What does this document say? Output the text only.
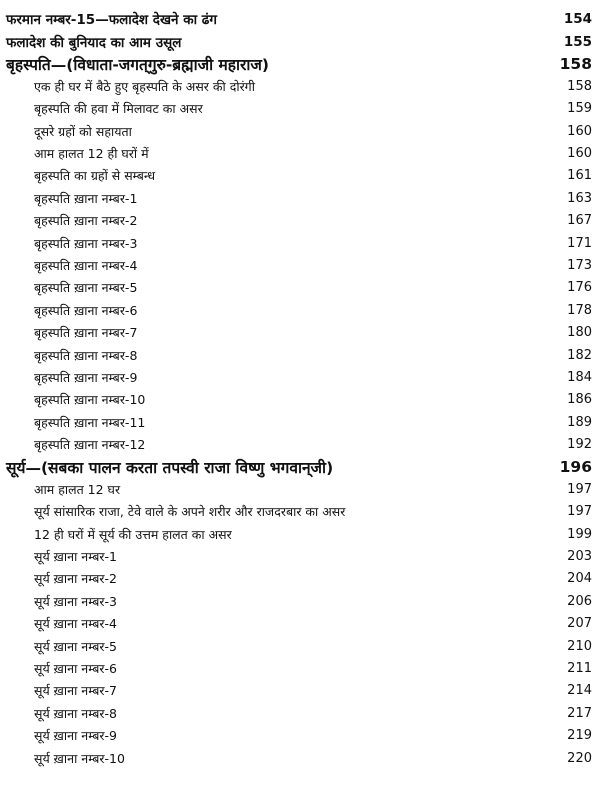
फरमान नम्बर-15—फलादेश देखने का ढंग	154
फलादेश की बुनियाद का आम उसूल	155
बृहस्पति—(विधाता-जगत्‌गुरु-ब्रह्माजी महाराज)	158
एक ही घर में बैठे हुए बृहस्पति के असर की दोरंगी	158
बृहस्पति की हवा में मिलावट का असर	159
दूसरे ग्रहों को सहायता	160
आम हालत 12 ही घरों में	160
बृहस्पति का ग्रहों से सम्बन्ध	161
बृहस्पति ख़ाना नम्बर-1	163
बृहस्पति ख़ाना नम्बर-2	167
बृहस्पति ख़ाना नम्बर-3	171
बृहस्पति ख़ाना नम्बर-4	173
बृहस्पति ख़ाना नम्बर-5	176
बृहस्पति ख़ाना नम्बर-6	178
बृहस्पति ख़ाना नम्बर-7	180
बृहस्पति ख़ाना नम्बर-8	182
बृहस्पति ख़ाना नम्बर-9	184
बृहस्पति ख़ाना नम्बर-10	186
बृहस्पति ख़ाना नम्बर-11	189
बृहस्पति ख़ाना नम्बर-12	192
सूर्य—(सबका पालन करता तपस्वी राजा विष्णु भगवान्‌जी)	196
आम हालत 12 घर	197
सूर्य सांसारिक राजा, टेवे वाले के अपने शरीर और राजदरबार का असर	197
12 ही घरों में सूर्य की उत्तम हालत का असर	199
सूर्य ख़ाना नम्बर-1	203
सूर्य ख़ाना नम्बर-2	204
सूर्य ख़ाना नम्बर-3	206
सूर्य ख़ाना नम्बर-4	207
सूर्य ख़ाना नम्बर-5	210
सूर्य ख़ाना नम्बर-6	211
सूर्य ख़ाना नम्बर-7	214
सूर्य ख़ाना नम्बर-8	217
सूर्य ख़ाना नम्बर-9	219
सूर्य ख़ाना नम्बर-10	220
